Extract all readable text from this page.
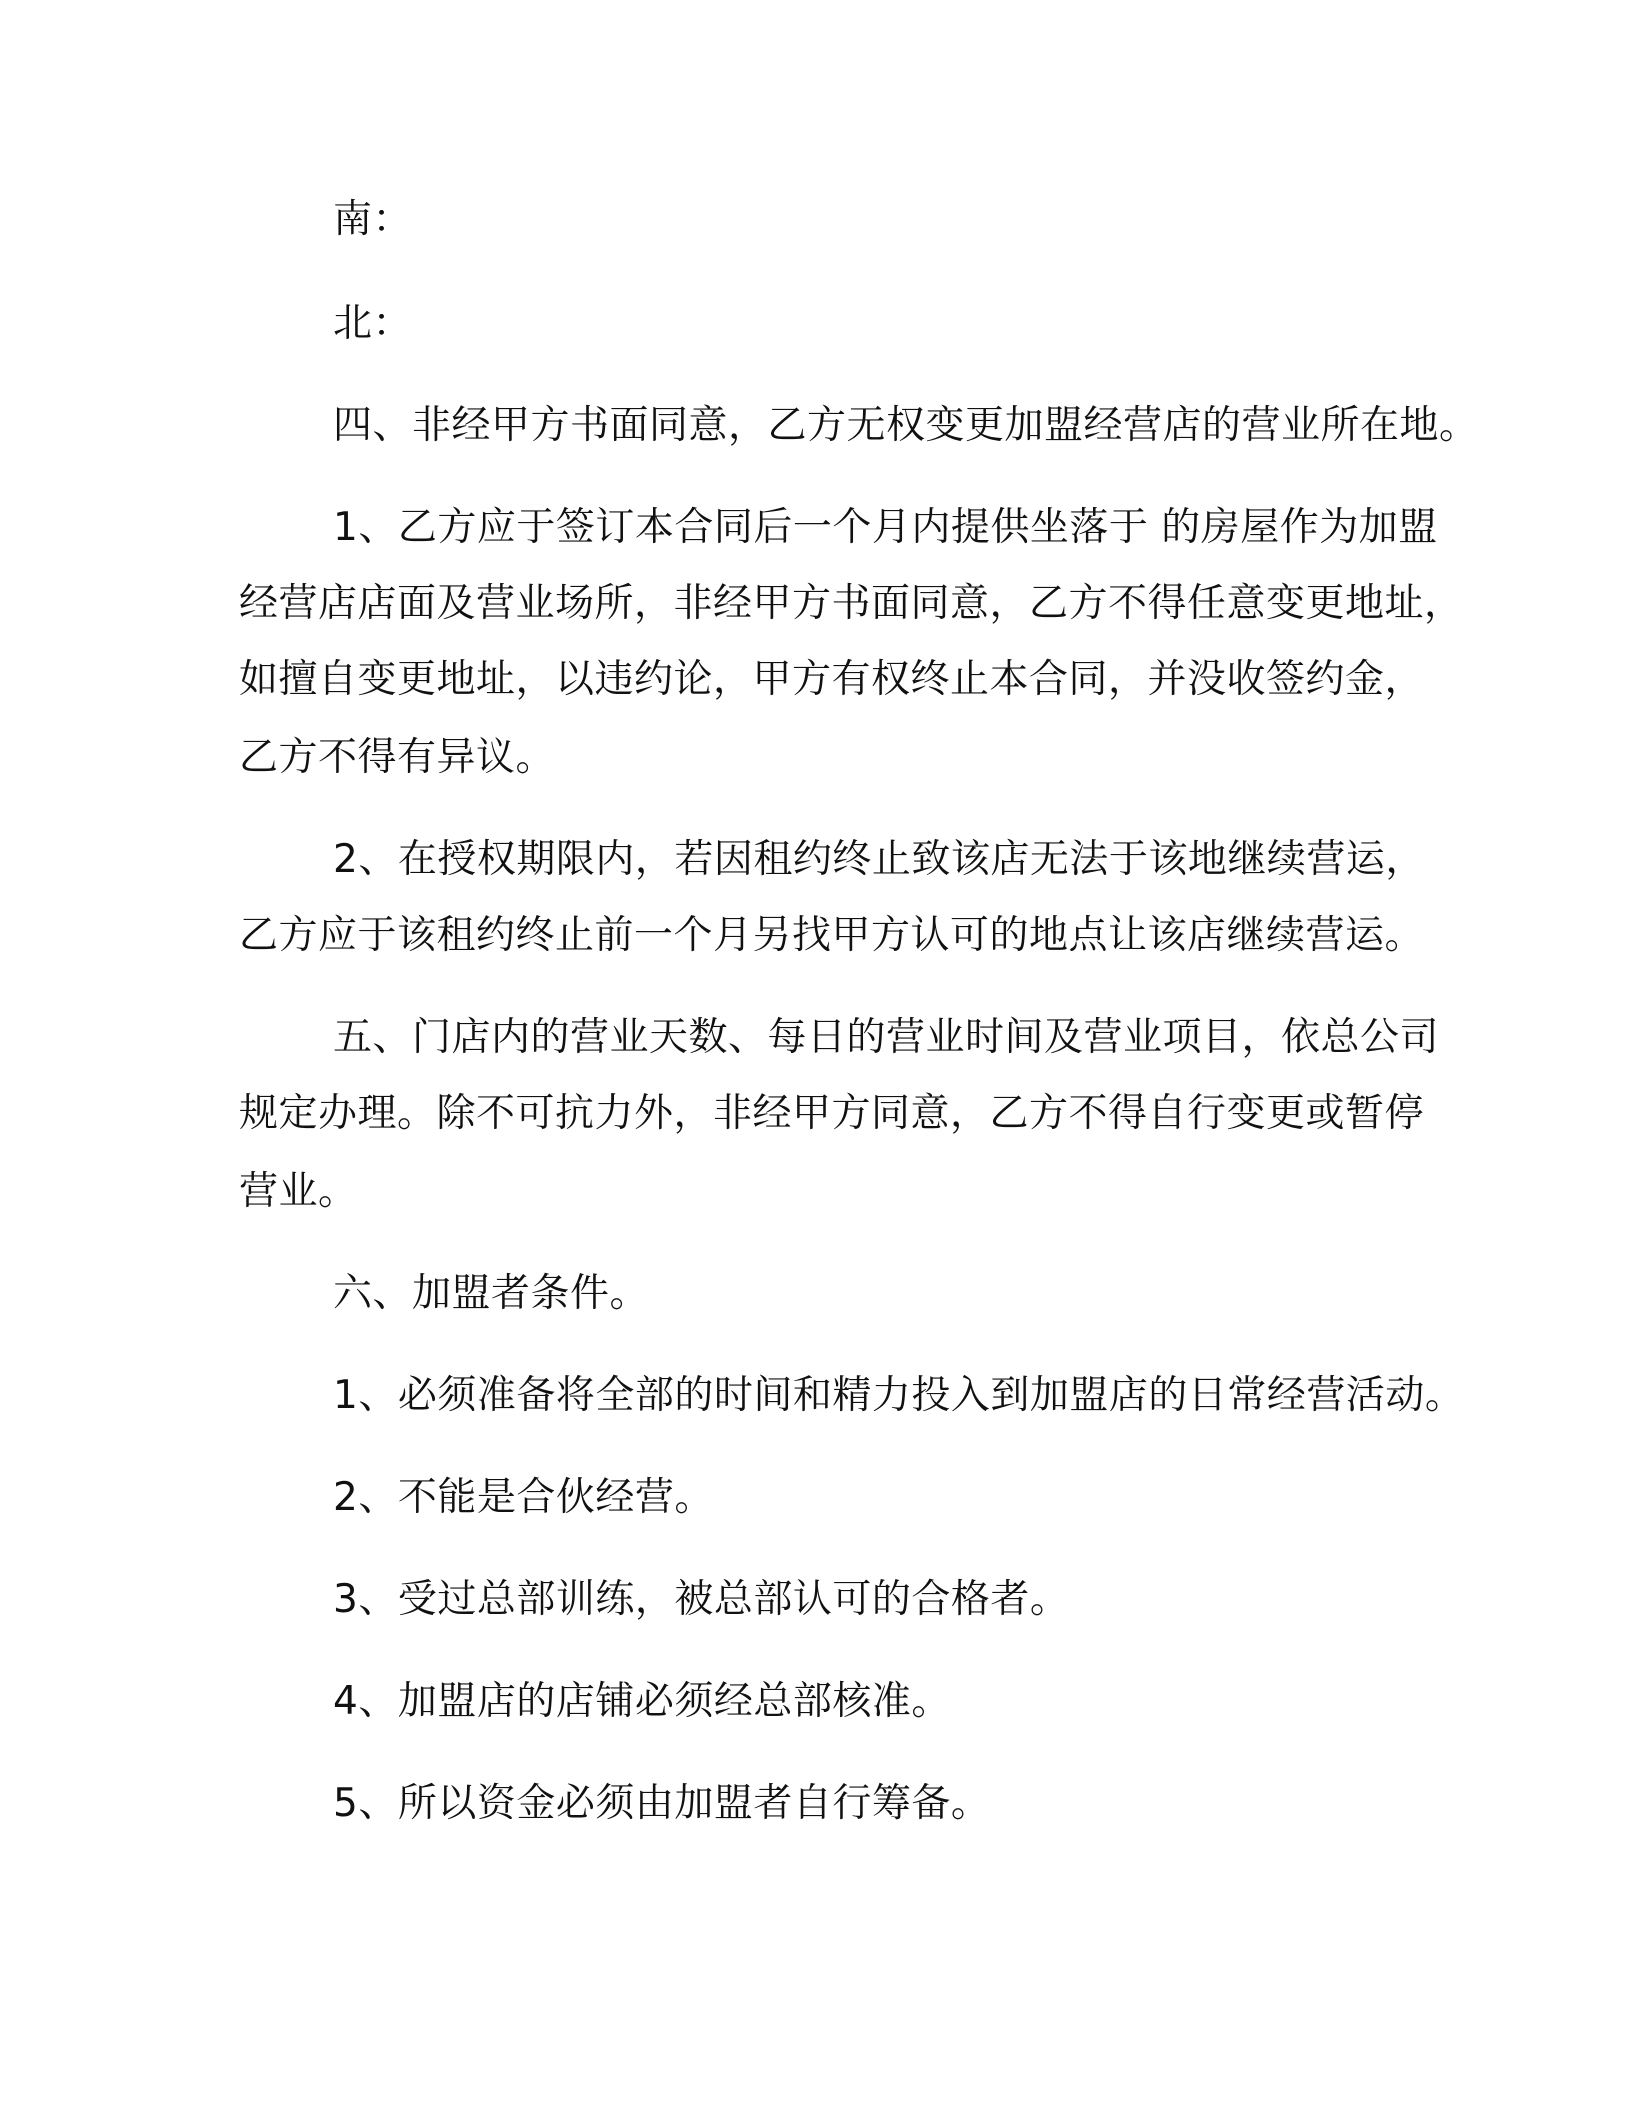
南：
北：
四、非经甲方书面同意，乙方无权变更加盟经营店的营业所在地。
1、乙方应于签订本合同后一个月内提供坐落于 的房屋作为加盟
经营店店面及营业场所，非经甲方书面同意，乙方不得任意变更地址，
如擅自变更地址，以违约论，甲方有权终止本合同，并没收签约金，
乙方不得有异议。
2、在授权期限内，若因租约终止致该店无法于该地继续营运，
乙方应于该租约终止前一个月另找甲方认可的地点让该店继续营运。
五、门店内的营业天数、每日的营业时间及营业项目，依总公司
规定办理。除不可抗力外，非经甲方同意，乙方不得自行变更或暂停
营业。
六、加盟者条件。
1、必须准备将全部的时间和精力投入到加盟店的日常经营活动。
2、不能是合伙经营。
3、受过总部训练，被总部认可的合格者。
4、加盟店的店铺必须经总部核准。
5、所以资金必须由加盟者自行筹备。
